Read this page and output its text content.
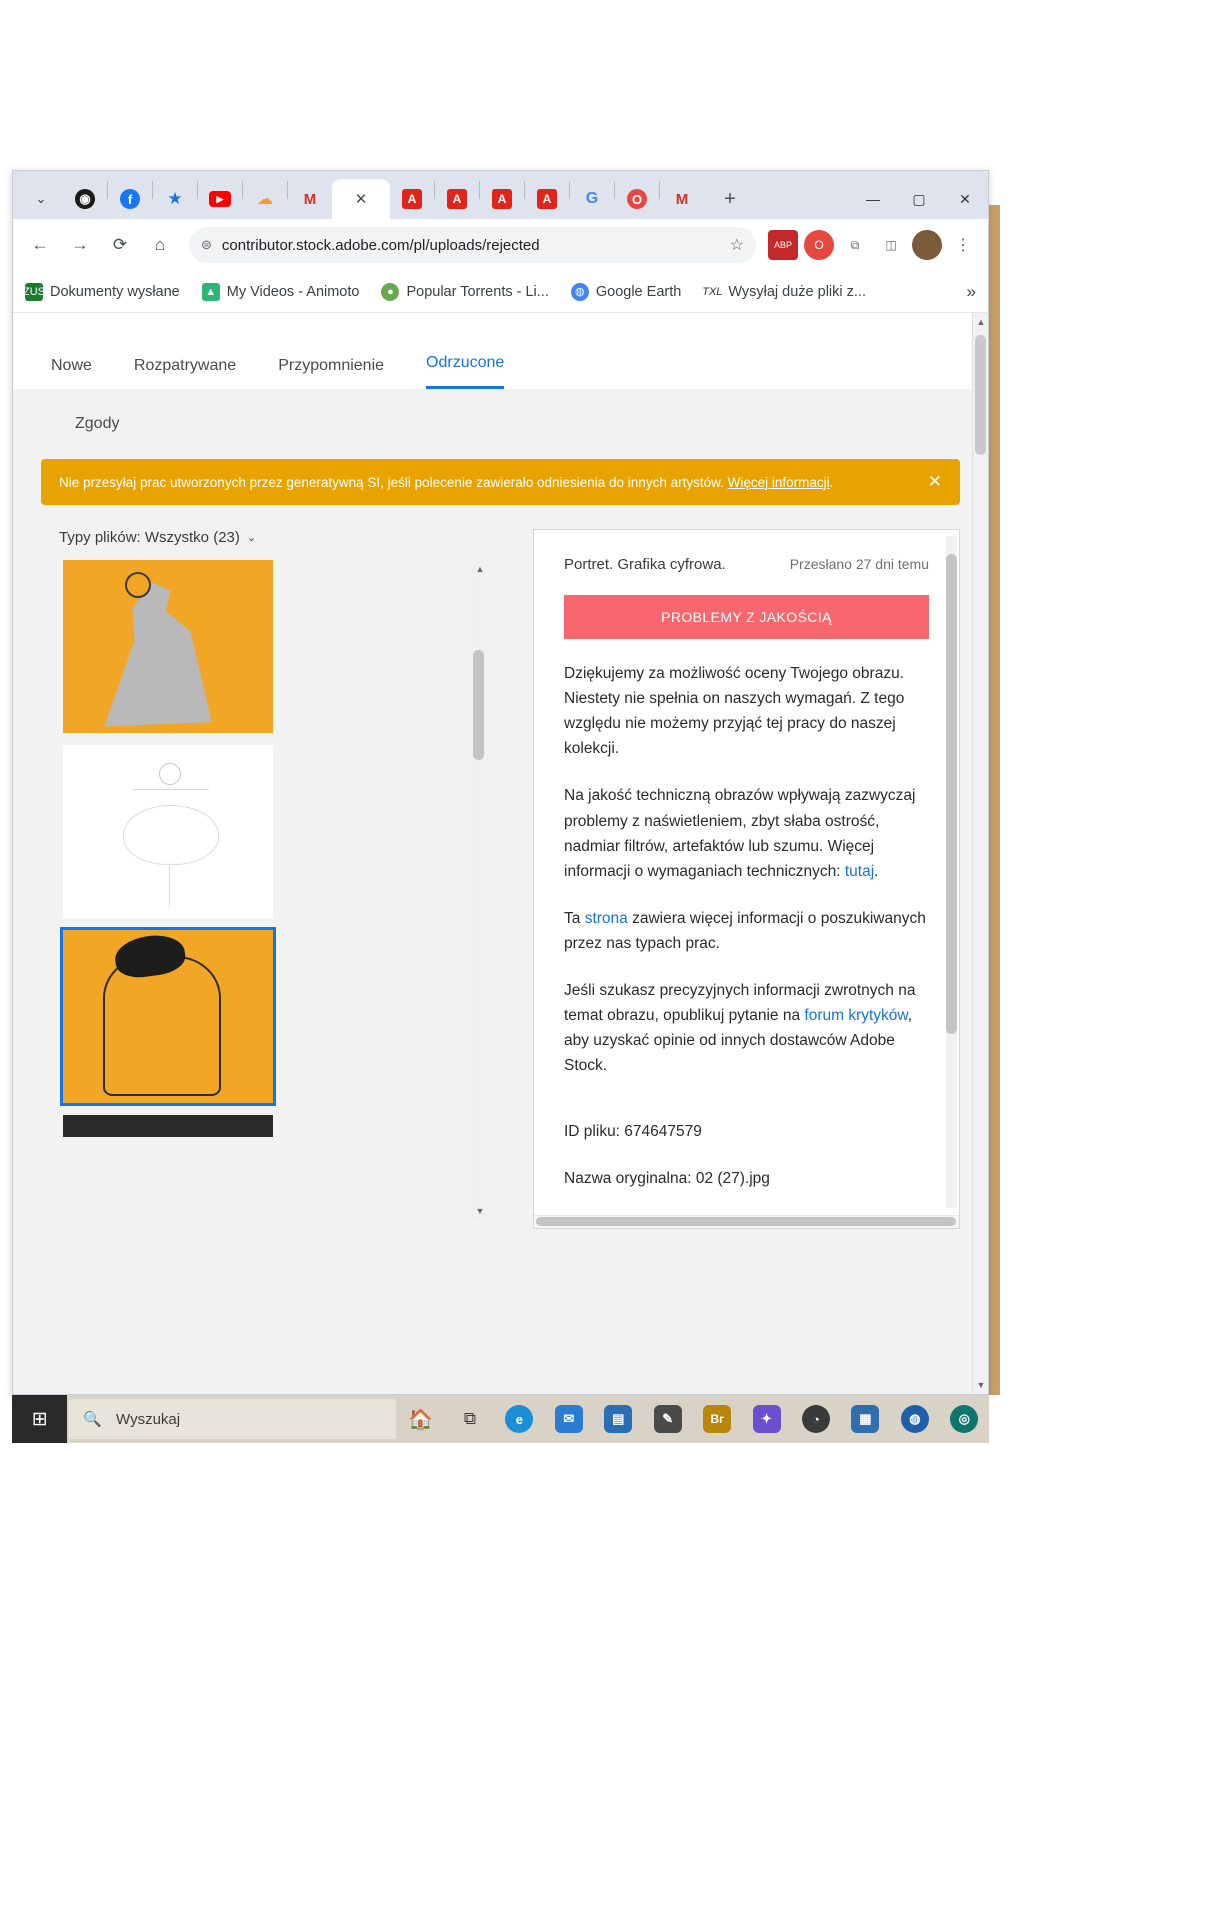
⌄	◉	f	★	▶	☁ M	✕	A	A	A	A	G	O	M	+	—	▢	✕
←	→	⟳	⌂	⊜ contributor.stock.adobe.com/pl/uploads/rejected	☆	ABP	O	⧉	◫	⋮
ZUS Dokumenty wysłane	▲ My Videos - Animoto	● Popular Torrents - Li...	◍ Google Earth TXL Wysyłaj duże pliki z...	»
Nowe	Rozpatrywane	Przypomnienie	Odrzucone
Zgody
Nie przesyłaj prac utworzonych przez generatywną SI, jeśli polecenie zawierało odniesienia do innych artystów. Więcej informacji.	✕
Typy plików: Wszystko (23) ⌄
▲
▼
Portret. Grafika cyfrowa.	Przesłano 27 dni temu
PROBLEMY Z JAKOŚCIĄ

Dziękujemy za możliwość oceny Twojego obrazu. Niestety nie spełnia on naszych wymagań. Z tego względu nie możemy przyjąć tej pracy do naszej kolekcji.

Na jakość techniczną obrazów wpływają zazwyczaj problemy z naświetleniem, zbyt słaba ostrość, nadmiar filtrów, artefaktów lub szumu. Więcej informacji o wymaganiach technicznych: tutaj.

Ta strona zawiera więcej informacji o poszukiwanych przez nas typach prac.

Jeśli szukasz precyzyjnych informacji zwrotnych na temat obrazu, opublikuj pytanie na forum krytyków, aby uzyskać opinie od innych dostawców Adobe Stock.

ID pliku: 674647579

Nazwa oryginalna: 02 (27).jpg

▲
▼
⊞ 🔍 Wyszukaj	🏠 ⧉	e	✉	▤	✎	Br	✦	◔	▦	◍	◎
